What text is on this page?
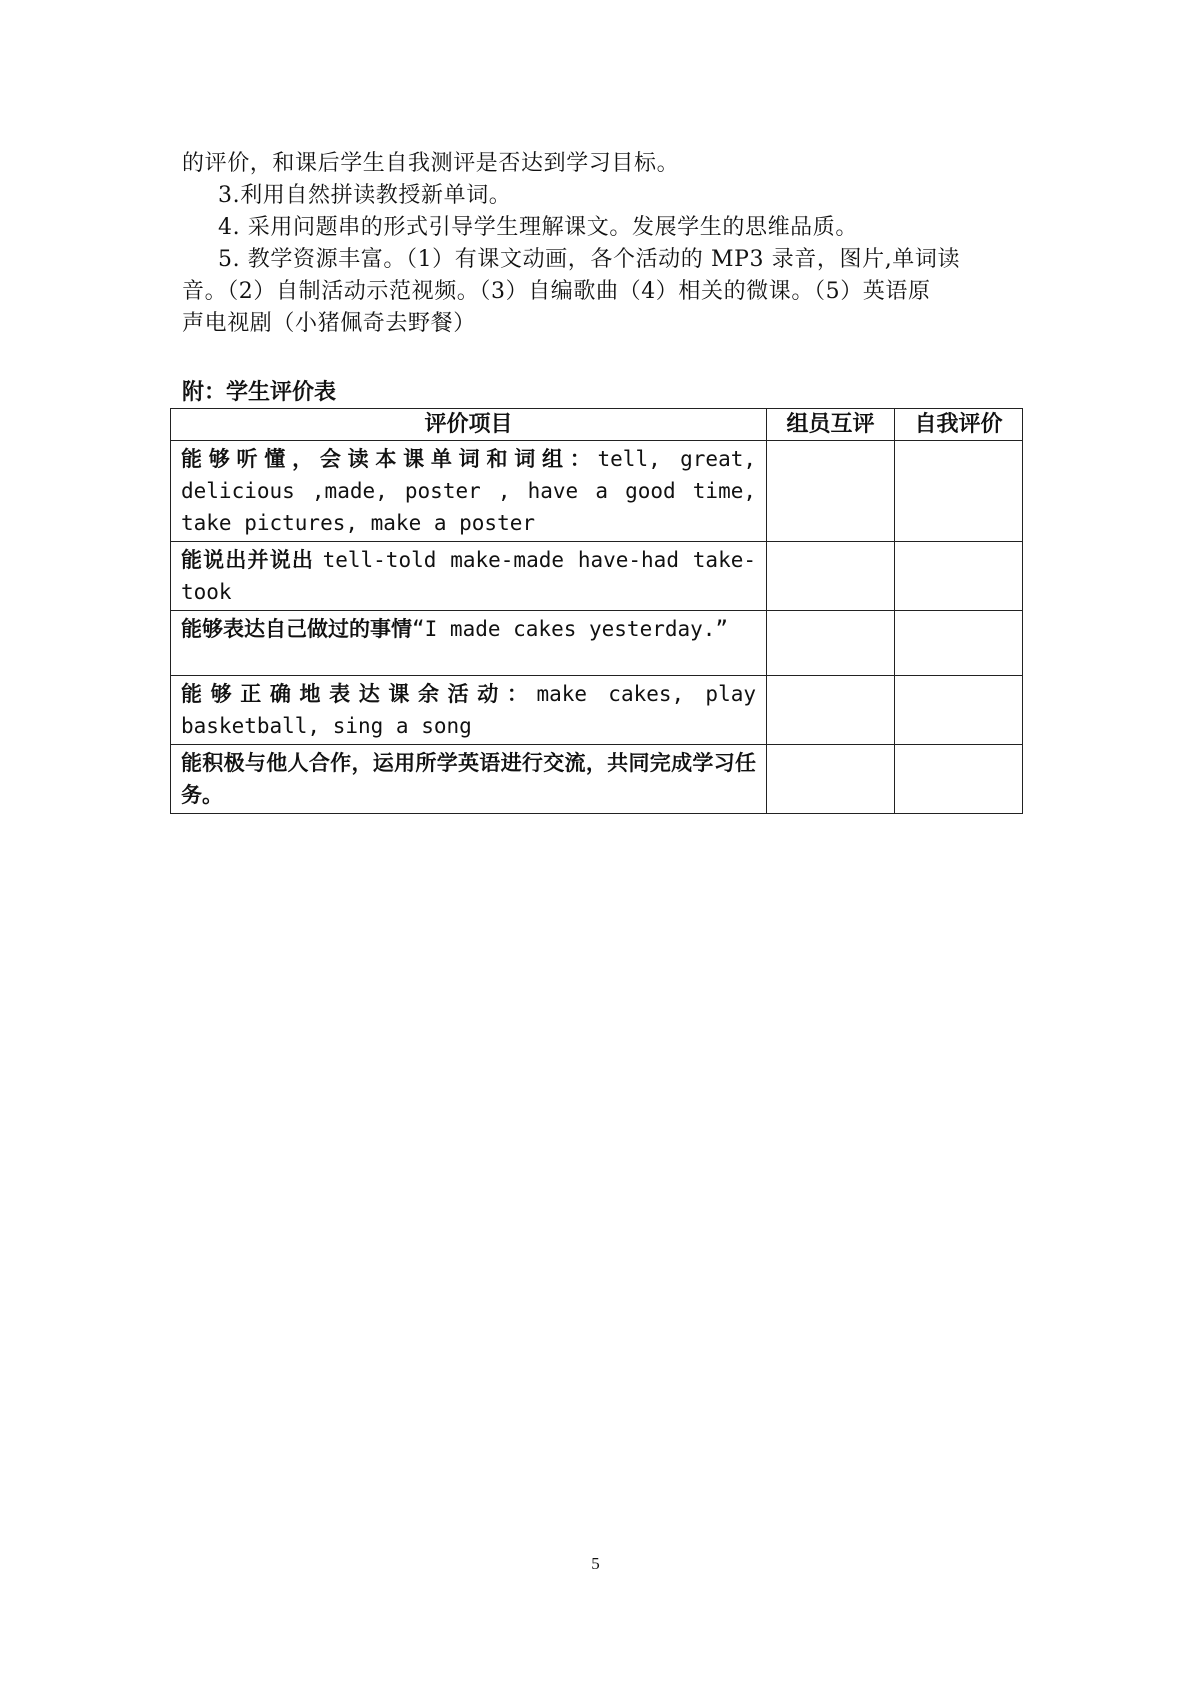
的评价，和课后学生自我测评是否达到学习目标。
3.利用自然拼读教授新单词。
4. 采用问题串的形式引导学生理解课文。发展学生的思维品质。
5. 教学资源丰富。（1）有课文动画，各个活动的 MP3 录音，图片,单词读
音。（2）自制活动示范视频。（3）自编歌曲（4）相关的微课。（5）英语原
声电视剧（小猪佩奇去野餐）
附：学生评价表
评价项目	组员互评	自我评价
能够听懂，会读本课单词和词组：tell, great, delicious ,made, poster , have a good time, take pictures, make a poster		
能说出并说出 tell-told make-made have-had take-took		
能够表达自己做过的事情“I made cakes yesterday.”		
能够正确地表达课余活动：make cakes, play basketball, sing a song		
能积极与他人合作，运用所学英语进行交流，共同完成学习任务。		
5
